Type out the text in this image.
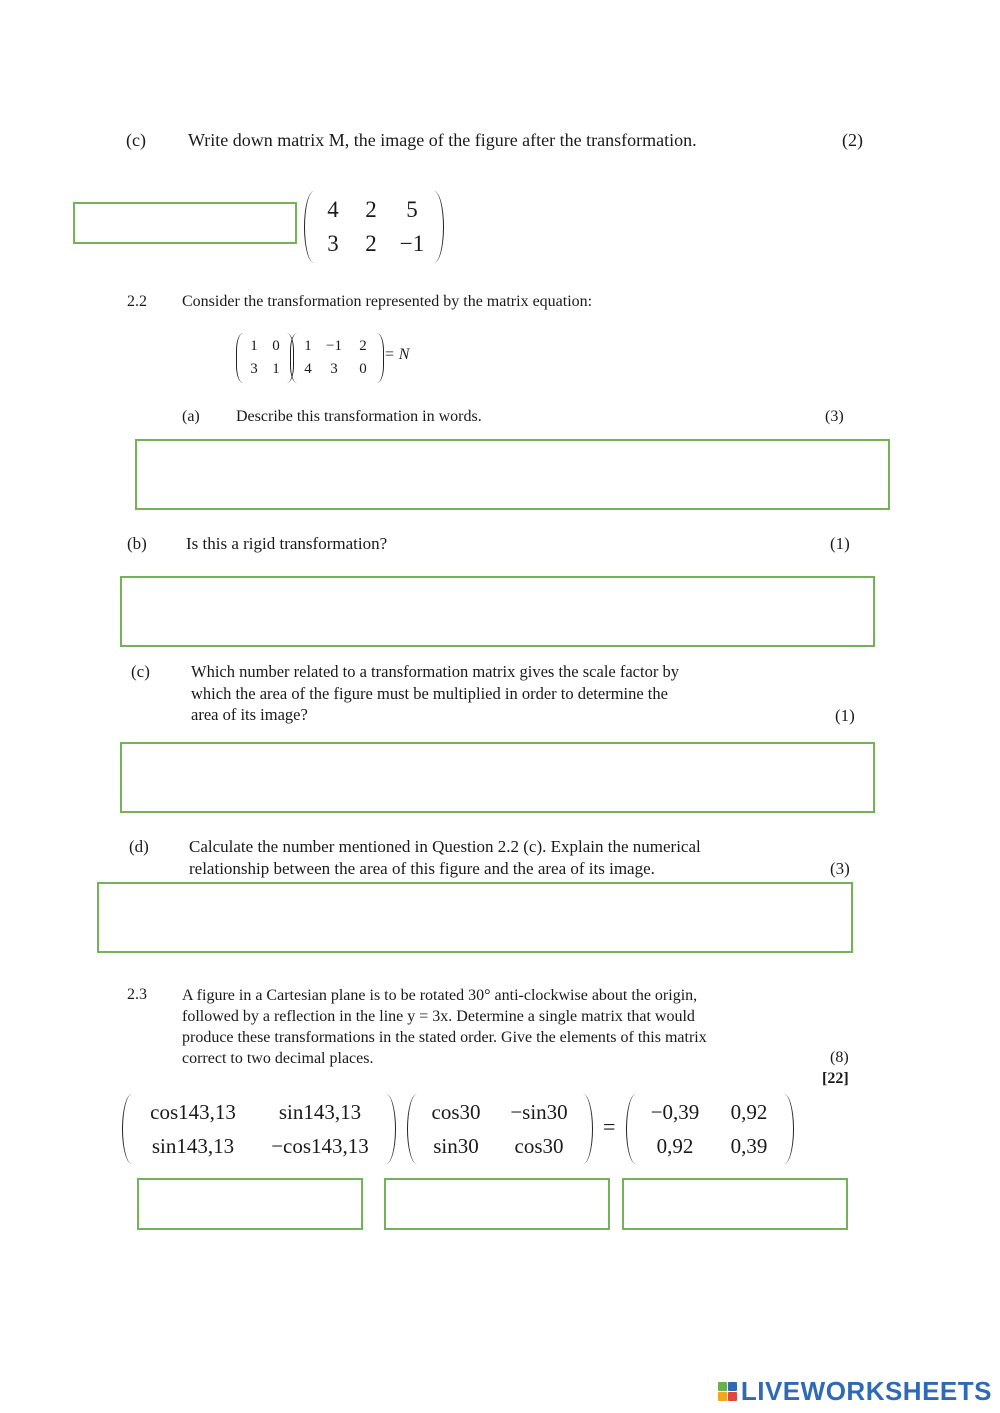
(c) Write down matrix M, the image of the figure after the transformation.	(2)
4 2 5
3 2 −1
2.2 Consider the transformation represented by the matrix equation:
1 0
3 1
1 −1 2
4 3 0
= N
(a) Describe this transformation in words.	(3)
(b) Is this a rigid transformation?	(1)
(c) Which number related to a transformation matrix gives the scale factor by
which the area of the figure must be multiplied in order to determine the
area of its image?	(1)
(d) Calculate the number mentioned in Question 2.2 (c). Explain the numerical
relationship between the area of this figure and the area of its image.	(3)
2.3 A figure in a Cartesian plane is to be rotated 30° anti-clockwise about the origin,
followed by a reflection in the line y = 3x. Determine a single matrix that would
produce these transformations in the stated order. Give the elements of this matrix
correct to two decimal places.	(8)
[22]
cos143,13 sin143,13
sin143,13 −cos143,13
cos30 −sin30
sin30 cos30
=
−0,39 0,92
0,92 0,39
LIVEWORKSHEETS
